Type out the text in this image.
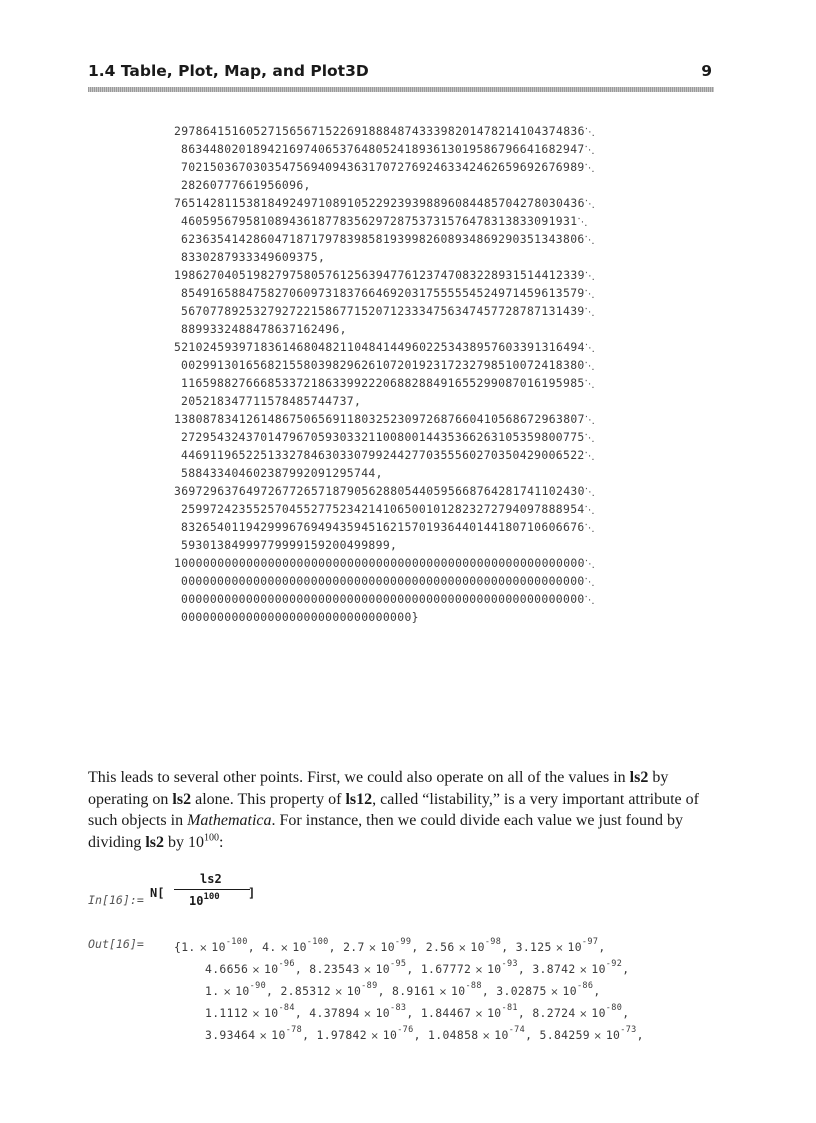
1.4 Table, Plot, Map, and Plot3D	9
297864151605271565671522691888487433398201478214104374836⋱
86344802018942169740653764805241893613019586796641682947⋱
70215036703035475694094363170727692463342462659692676989⋱
28260777661956096,
765142811538184924971089105229239398896084485704278030436⋱
4605956795810894361877835629728753731576478313833091931⋱
62363541428604718717978398581939982608934869290351343806⋱
8330287933349609375,
198627040519827975805761256394776123747083228931514412339⋱
85491658847582706097318376646920317555554524971459613579⋱
56707789253279272215867715207123334756347457728787131439⋱
8899332488478637162496,
521024593971836146804821104841449602253438957603391316494⋱
00299130165682155803982962610720192317232798510072418380⋱
11659882766685337218633992220688288491655299087016195985⋱
205218347711578485744737,
138087834126148675065691180325230972687660410568672963807⋱
27295432437014796705930332110080014435366263105359800775⋱
44691196522513327846303307992442770355560270350429006522⋱
588433404602387992091295744,
369729637649726772657187905628805440595668764281741102430⋱
25997242355257045527752342141065001012823272794097888954⋱
83265401194299967694943594516215701936440144180710606676⋱
59301384999779999159200499899,
100000000000000000000000000000000000000000000000000000000⋱
00000000000000000000000000000000000000000000000000000000⋱
00000000000000000000000000000000000000000000000000000000⋱
00000000000000000000000000000000}
This leads to several other points. First, we could also operate on all of the values in ls2 by operating on ls2 alone. This property of ls12, called “listability,” is a very important attribute of such objects in Mathematica. For instance, then we could divide each value we just found by dividing ls2 by $10^{100}$:
In[16]:= N[
ls2
$10^{100}$ ]
Out[16]=	{1. × $10^{-100}$, 4. × $10^{-100}$, $2.7 \times 10^{-99}$, $2.56 \times 10^{-98}$, $3.125 \times 10^{-97}$,
$4.6656 \times 10^{-96}$, $8.23543 \times 10^{-95}$, $1.67772 \times 10^{-93}$, $3.8742 \times 10^{-92}$,
1. × $10^{-90}$, $2.85312 \times 10^{-89}$, $8.9161 \times 10^{-88}$, $3.02875 \times 10^{-86}$,
$1.1112 \times 10^{-84}$, $4.37894 \times 10^{-83}$, $1.84467 \times 10^{-81}$, $8.2724 \times 10^{-80}$,
$3.93464 \times 10^{-78}$, $1.97842 \times 10^{-76}$, $1.04858 \times 10^{-74}$, $5.84259 \times 10^{-73}$,
